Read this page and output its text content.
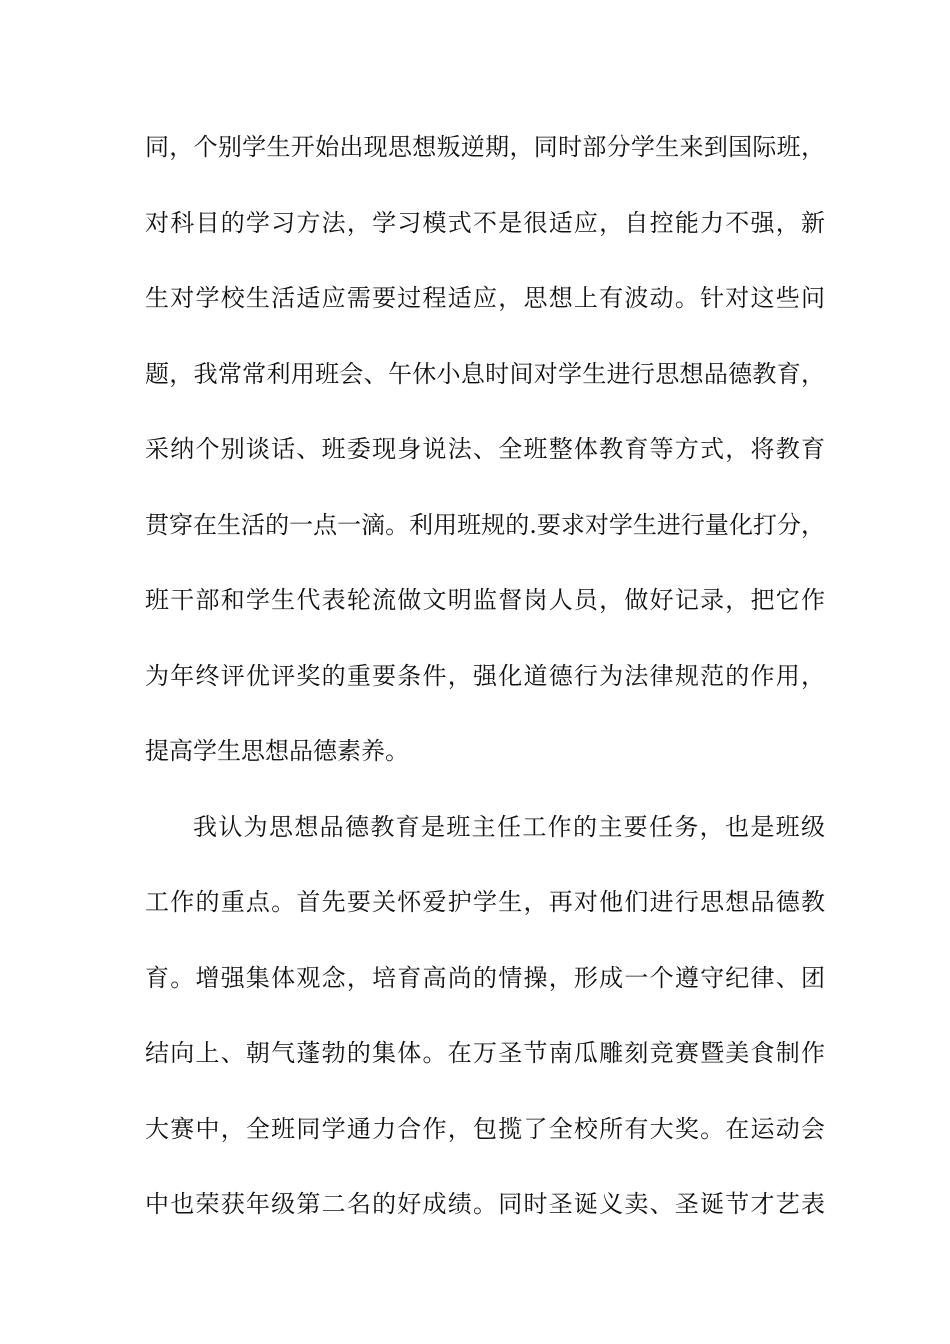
同，个别学生开始出现思想叛逆期，同时部分学生来到国际班，
对科目的学习方法，学习模式不是很适应，自控能力不强，新
生对学校生活适应需要过程适应，思想上有波动。针对这些问
题，我常常利用班会、午休小息时间对学生进行思想品德教育，
采纳个别谈话、班委现身说法、全班整体教育等方式，将教育
贯穿在生活的一点一滴。利用班规的.要求对学生进行量化打分，
班干部和学生代表轮流做文明监督岗人员，做好记录，把它作
为年终评优评奖的重要条件，强化道德行为法律规范的作用，
提高学生思想品德素养。
我认为思想品德教育是班主任工作的主要任务，也是班级
工作的重点。首先要关怀爱护学生，再对他们进行思想品德教
育。增强集体观念，培育高尚的情操，形成一个遵守纪律、团
结向上、朝气蓬勃的集体。在万圣节南瓜雕刻竞赛暨美食制作
大赛中，全班同学通力合作，包揽了全校所有大奖。在运动会
中也荣获年级第二名的好成绩。同时圣诞义卖、圣诞节才艺表
